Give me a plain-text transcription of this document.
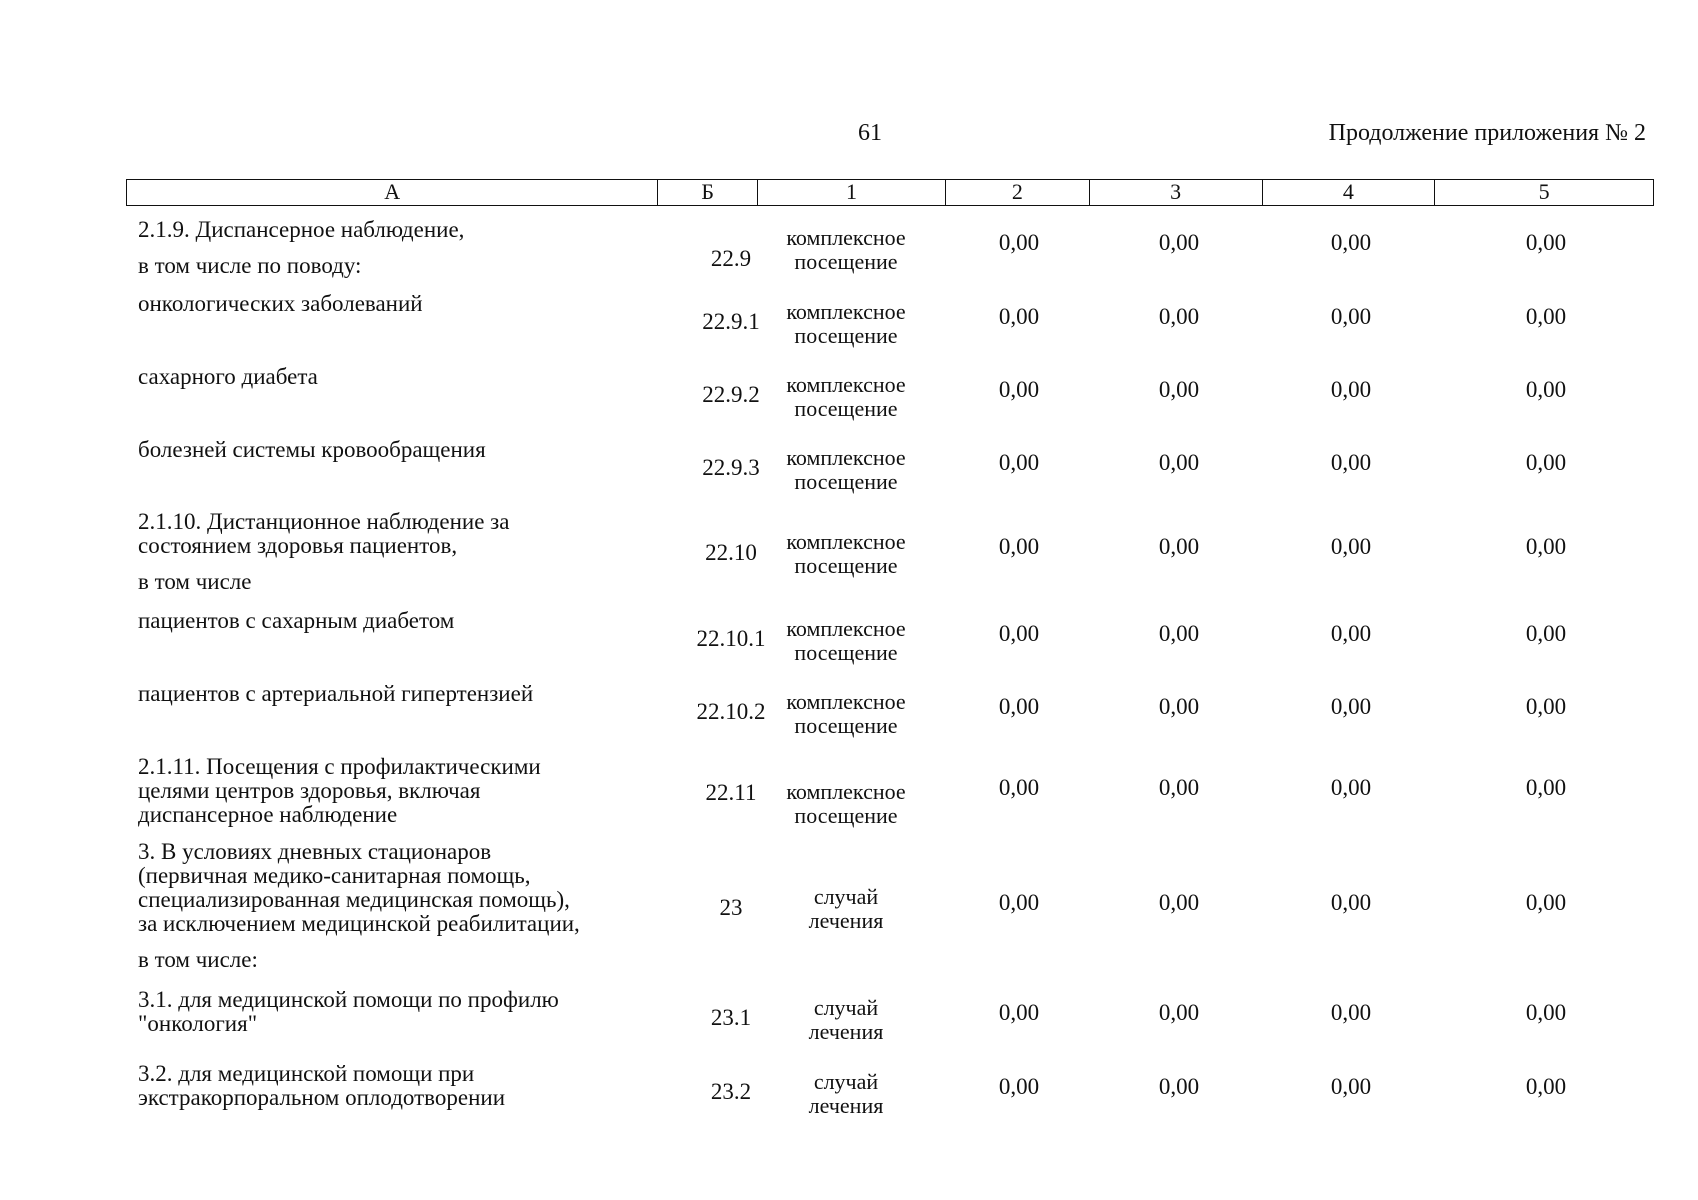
61	Продолжение приложения № 2
А	Б	1	2	3	4	5
2.1.9. Диспансерное наблюдение,
в том числе по поводу:	22.9
комплексное
посещение
0,00	0,00	0,00	0,00
онкологических заболеваний
22.9.1	комплексное
посещение
0,00	0,00	0,00	0,00
сахарного диабета
22.9.2	комплексное
посещение
0,00	0,00	0,00	0,00
болезней системы кровообращения
22.9.3	комплексное
посещение
0,00	0,00	0,00	0,00
2.1.10. Дистанционное наблюдение за
состоянием здоровья пациентов,
в том числе
22.10	комплексное
посещение
0,00	0,00	0,00	0,00
пациентов с сахарным диабетом
22.10.1 комплексное
посещение
0,00	0,00	0,00	0,00
пациентов с артериальной гипертензией
22.10.2 комплексное
посещение
0,00	0,00	0,00	0,00
2.1.11. Посещения с профилактическими
целями центров здоровья, включая
диспансерное наблюдение
22.11	комплексное
посещение
0,00	0,00	0,00	0,00
3. В условиях дневных стационаров
(первичная медико-санитарная помощь,
специализированная медицинская помощь),
за исключением медицинской реабилитации,
в том числе:
23	случай
лечения
0,00	0,00	0,00	0,00
3.1. для медицинской помощи по профилю
"онкология"	23.1	случай
лечения
0,00	0,00	0,00	0,00
3.2. для медицинской помощи при
экстракорпоральном оплодотворении	23.2	случай
лечения
0,00	0,00	0,00	0,00
